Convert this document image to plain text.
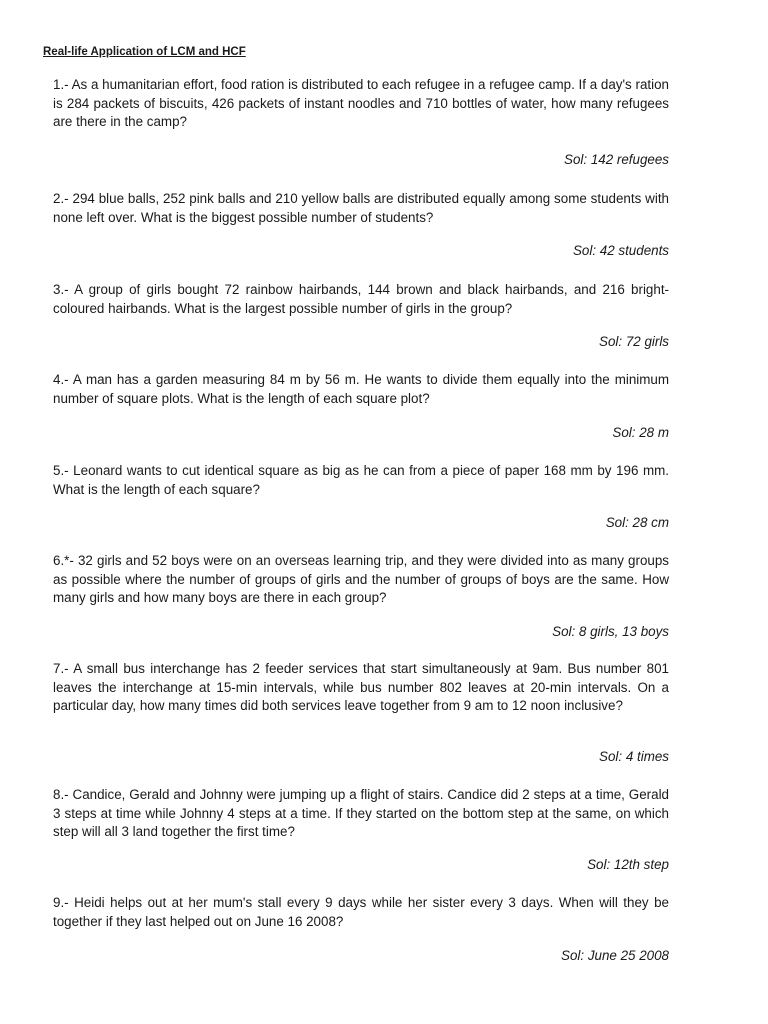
Real-life Application of LCM and HCF
1.- As a humanitarian effort, food ration is distributed to each refugee in a refugee camp. If a day's ration is 284 packets of biscuits, 426 packets of instant noodles and 710 bottles of water, how many refugees are there in the camp?
Sol: 142 refugees
2.- 294 blue balls, 252 pink balls and 210 yellow balls are distributed equally among some students with none left over. What is the biggest possible number of students?
Sol: 42 students
3.- A group of girls bought 72 rainbow hairbands, 144 brown and black hairbands, and 216 bright-coloured hairbands. What is the largest possible number of girls in the group?
Sol: 72 girls
4.- A man has a garden measuring 84 m by 56 m. He wants to divide them equally into the minimum number of square plots. What is the length of each square plot?
Sol: 28 m
5.- Leonard wants to cut identical square as big as he can from a piece of paper 168 mm by 196 mm. What is the length of each square?
Sol: 28 cm
6.*- 32 girls and 52 boys were on an overseas learning trip, and they were divided into as many groups as possible where the number of groups of girls and the number of groups of boys are the same. How many girls and how many boys are there in each group?
Sol: 8 girls, 13 boys
7.- A small bus interchange has 2 feeder services that start simultaneously at 9am. Bus number 801 leaves the interchange at 15-min intervals, while bus number 802 leaves at 20-min intervals. On a particular day, how many times did both services leave together from 9 am to 12 noon inclusive?
Sol: 4 times
8.- Candice, Gerald and Johnny were jumping up a flight of stairs. Candice did 2 steps at a time, Gerald 3 steps at time while Johnny 4 steps at a time. If they started on the bottom step at the same, on which step will all 3 land together the first time?
Sol: 12th step
9.- Heidi helps out at her mum's stall every 9 days while her sister every 3 days. When will they be together if they last helped out on June 16 2008?
Sol: June 25 2008
